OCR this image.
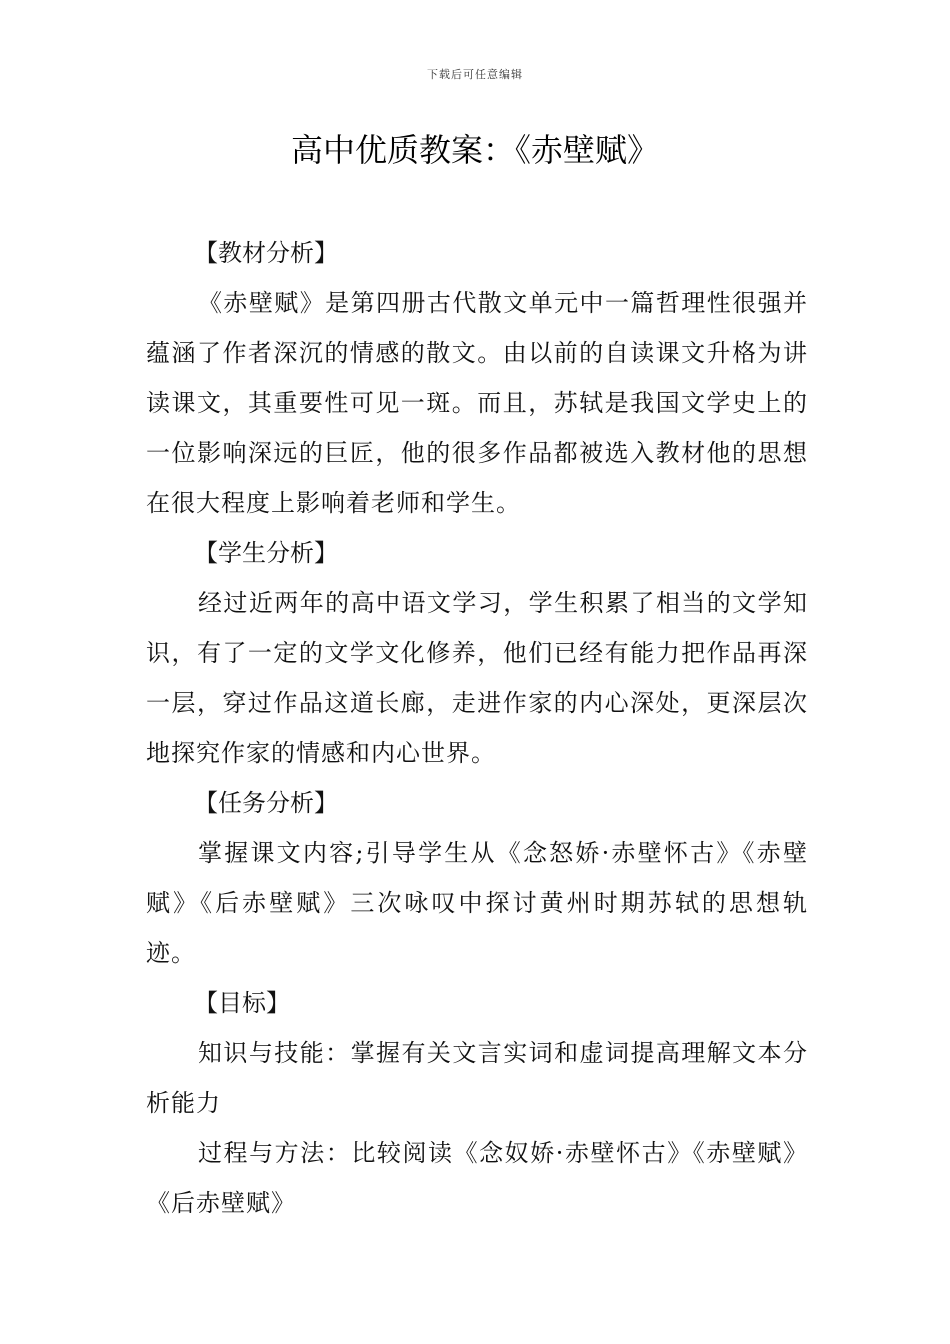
下载后可任意编辑
高中优质教案：《赤壁赋》
【教材分析】

《赤壁赋》是第四册古代散文单元中一篇哲理性很强并蕴涵了作者深沉的情感的散文。由以前的自读课文升格为讲读课文，其重要性可见一斑。而且，苏轼是我国文学史上的一位影响深远的巨匠，他的很多作品都被选入教材他的思想在很大程度上影响着老师和学生。

【学生分析】

经过近两年的高中语文学习，学生积累了相当的文学知识，有了一定的文学文化修养，他们已经有能力把作品再深一层，穿过作品这道长廊，走进作家的内心深处，更深层次地探究作家的情感和内心世界。

【任务分析】

掌握课文内容;引导学生从《念怒娇·赤壁怀古》《赤壁赋》《后赤壁赋》三次咏叹中探讨黄州时期苏轼的思想轨迹。

【目标】

知识与技能：掌握有关文言实词和虚词提高理解文本分析能力

过程与方法：比较阅读《念奴娇·赤壁怀古》《赤壁赋》《后赤壁赋》
